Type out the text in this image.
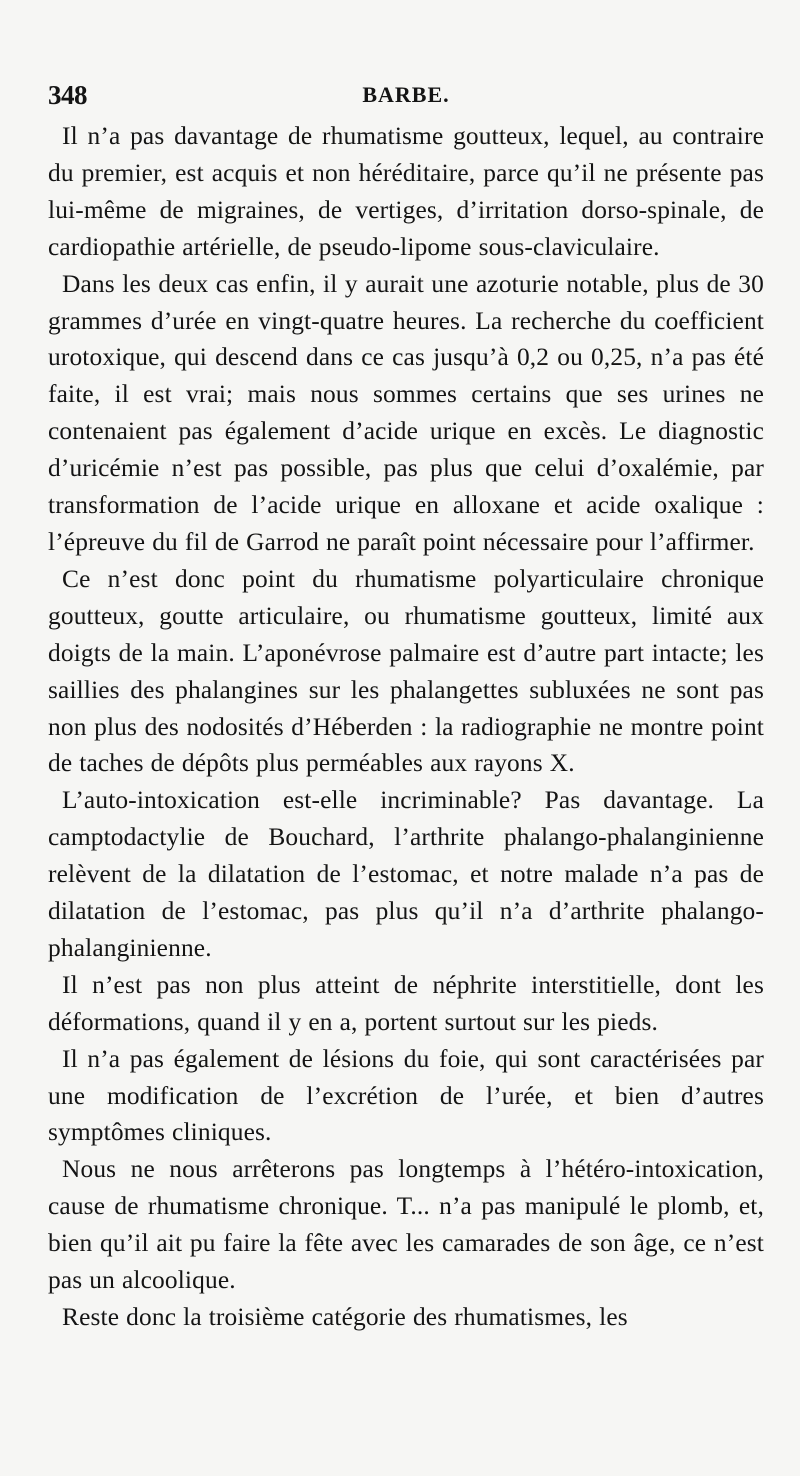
348	BARBE.

Il n’a pas davantage de rhumatisme goutteux, lequel, au contraire du premier, est acquis et non héréditaire, parce qu’il ne présente pas lui-même de migraines, de vertiges, d’irritation dorso-spinale, de cardiopathie artérielle, de pseudo-lipome sous-claviculaire.

Dans les deux cas enfin, il y aurait une azoturie notable, plus de 30 grammes d’urée en vingt-quatre heures. La recherche du coefficient urotoxique, qui descend dans ce cas jusqu’à 0,2 ou 0,25, n’a pas été faite, il est vrai; mais nous sommes certains que ses urines ne contenaient pas également d’acide urique en excès. Le diagnostic d’uricémie n’est pas possible, pas plus que celui d’oxalémie, par transformation de l’acide urique en alloxane et acide oxalique : l’épreuve du fil de Garrod ne paraît point nécessaire pour l’affirmer.

Ce n’est donc point du rhumatisme polyarticulaire chronique goutteux, goutte articulaire, ou rhumatisme goutteux, limité aux doigts de la main. L’aponévrose palmaire est d’autre part intacte; les saillies des phalangines sur les phalangettes subluxées ne sont pas non plus des nodosités d’Héberden : la radiographie ne montre point de taches de dépôts plus perméables aux rayons X.

L’auto-intoxication est-elle incriminable? Pas davantage. La camptodactylie de Bouchard, l’arthrite phalango-phalanginienne relèvent de la dilatation de l’estomac, et notre malade n’a pas de dilatation de l’estomac, pas plus qu’il n’a d’arthrite phalango-phalanginienne.

Il n’est pas non plus atteint de néphrite interstitielle, dont les déformations, quand il y en a, portent surtout sur les pieds.

Il n’a pas également de lésions du foie, qui sont caractérisées par une modification de l’excrétion de l’urée, et bien d’autres symptômes cliniques.

Nous ne nous arrêterons pas longtemps à l’hétéro-intoxication, cause de rhumatisme chronique. T... n’a pas manipulé le plomb, et, bien qu’il ait pu faire la fête avec les camarades de son âge, ce n’est pas un alcoolique.

Reste donc la troisième catégorie des rhumatismes, les
